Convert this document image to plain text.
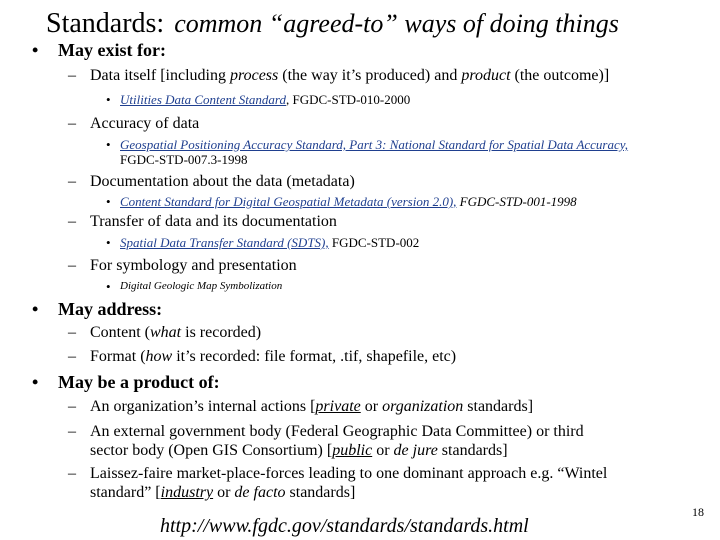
Standards: common “agreed-to” ways of doing things
• May exist for:
– Data itself [including process (the way it’s produced) and product (the outcome)]
• Utilities Data Content Standard, FGDC-STD-010-2000
– Accuracy of data
• Geospatial Positioning Accuracy Standard, Part 3: National Standard for Spatial Data Accuracy,
FGDC-STD-007.3-1998
– Documentation about the data (metadata)
• Content Standard for Digital Geospatial Metadata (version 2.0), FGDC-STD-001-1998
– Transfer of data and its documentation
• Spatial Data Transfer Standard (SDTS), FGDC-STD-002
– For symbology and presentation
• Digital Geologic Map Symbolization
• May address:
– Content (what is recorded)
– Format (how it’s recorded: file format, .tif, shapefile, etc)
• May be a product of:
– An organization’s internal actions [private or organization standards]
– An external government body (Federal Geographic Data Committee) or third
sector body (Open GIS Consortium) [public or de jure standards]
– Laissez-faire market-place-forces leading to one dominant approach e.g. “Wintel
standard” [industry or de facto standards]
http://www.fgdc.gov/standards/standards.html
18
